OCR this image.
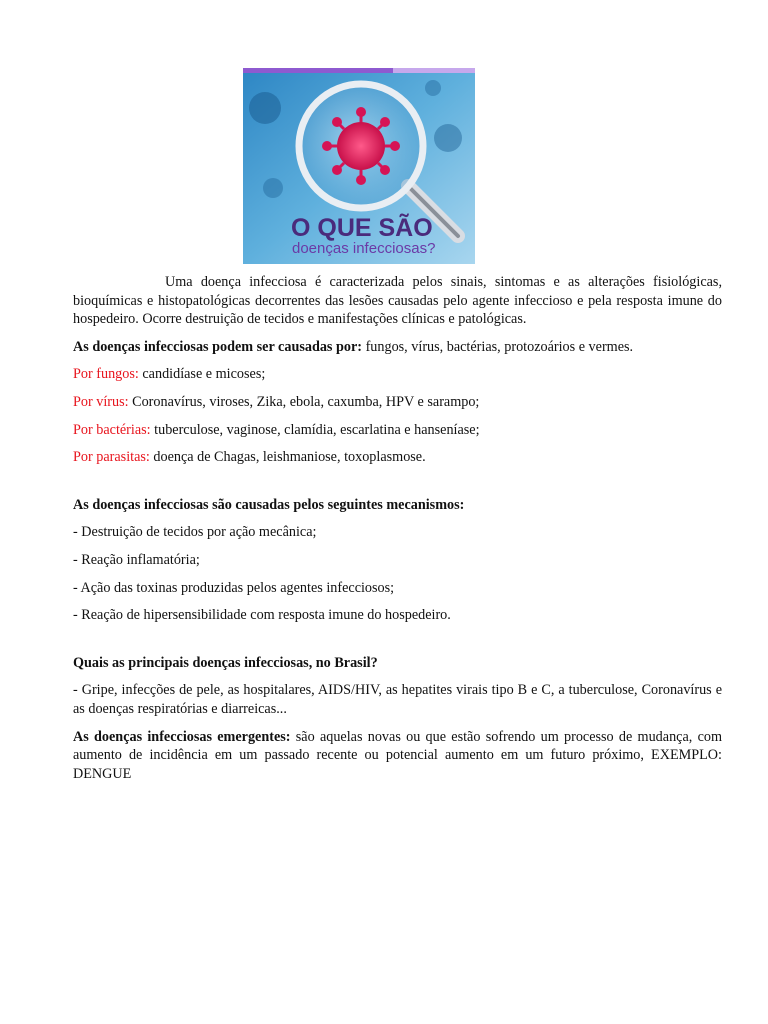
O QUE SÃO
doenças infecciosas?

Uma doença infecciosa é caracterizada pelos sinais, sintomas e as alterações fisiológicas, bioquímicas e histopatológicas decorrentes das lesões causadas pelo agente infeccioso e pela resposta imune do hospedeiro. Ocorre destruição de tecidos e manifestações clínicas e patológicas.

As doenças infecciosas podem ser causadas por: fungos, vírus, bactérias, protozoários e vermes.

Por fungos: candidíase e micoses;

Por vírus: Coronavírus, viroses, Zika, ebola, caxumba, HPV e sarampo;

Por bactérias: tuberculose, vaginose, clamídia, escarlatina e hanseníase;

Por parasitas: doença de Chagas, leishmaniose, toxoplasmose.

As doenças infecciosas são causadas pelos seguintes mecanismos:

- Destruição de tecidos por ação mecânica;

- Reação inflamatória;

- Ação das toxinas produzidas pelos agentes infecciosos;

- Reação de hipersensibilidade com resposta imune do hospedeiro.

Quais as principais doenças infecciosas, no Brasil?

- Gripe, infecções de pele, as hospitalares, AIDS/HIV, as hepatites virais tipo B e C, a tuberculose, Coronavírus e as doenças respiratórias e diarreicas...

As doenças infecciosas emergentes: são aquelas novas ou que estão sofrendo um processo de mudança, com aumento de incidência em um passado recente ou potencial aumento em um futuro próximo, EXEMPLO: DENGUE
